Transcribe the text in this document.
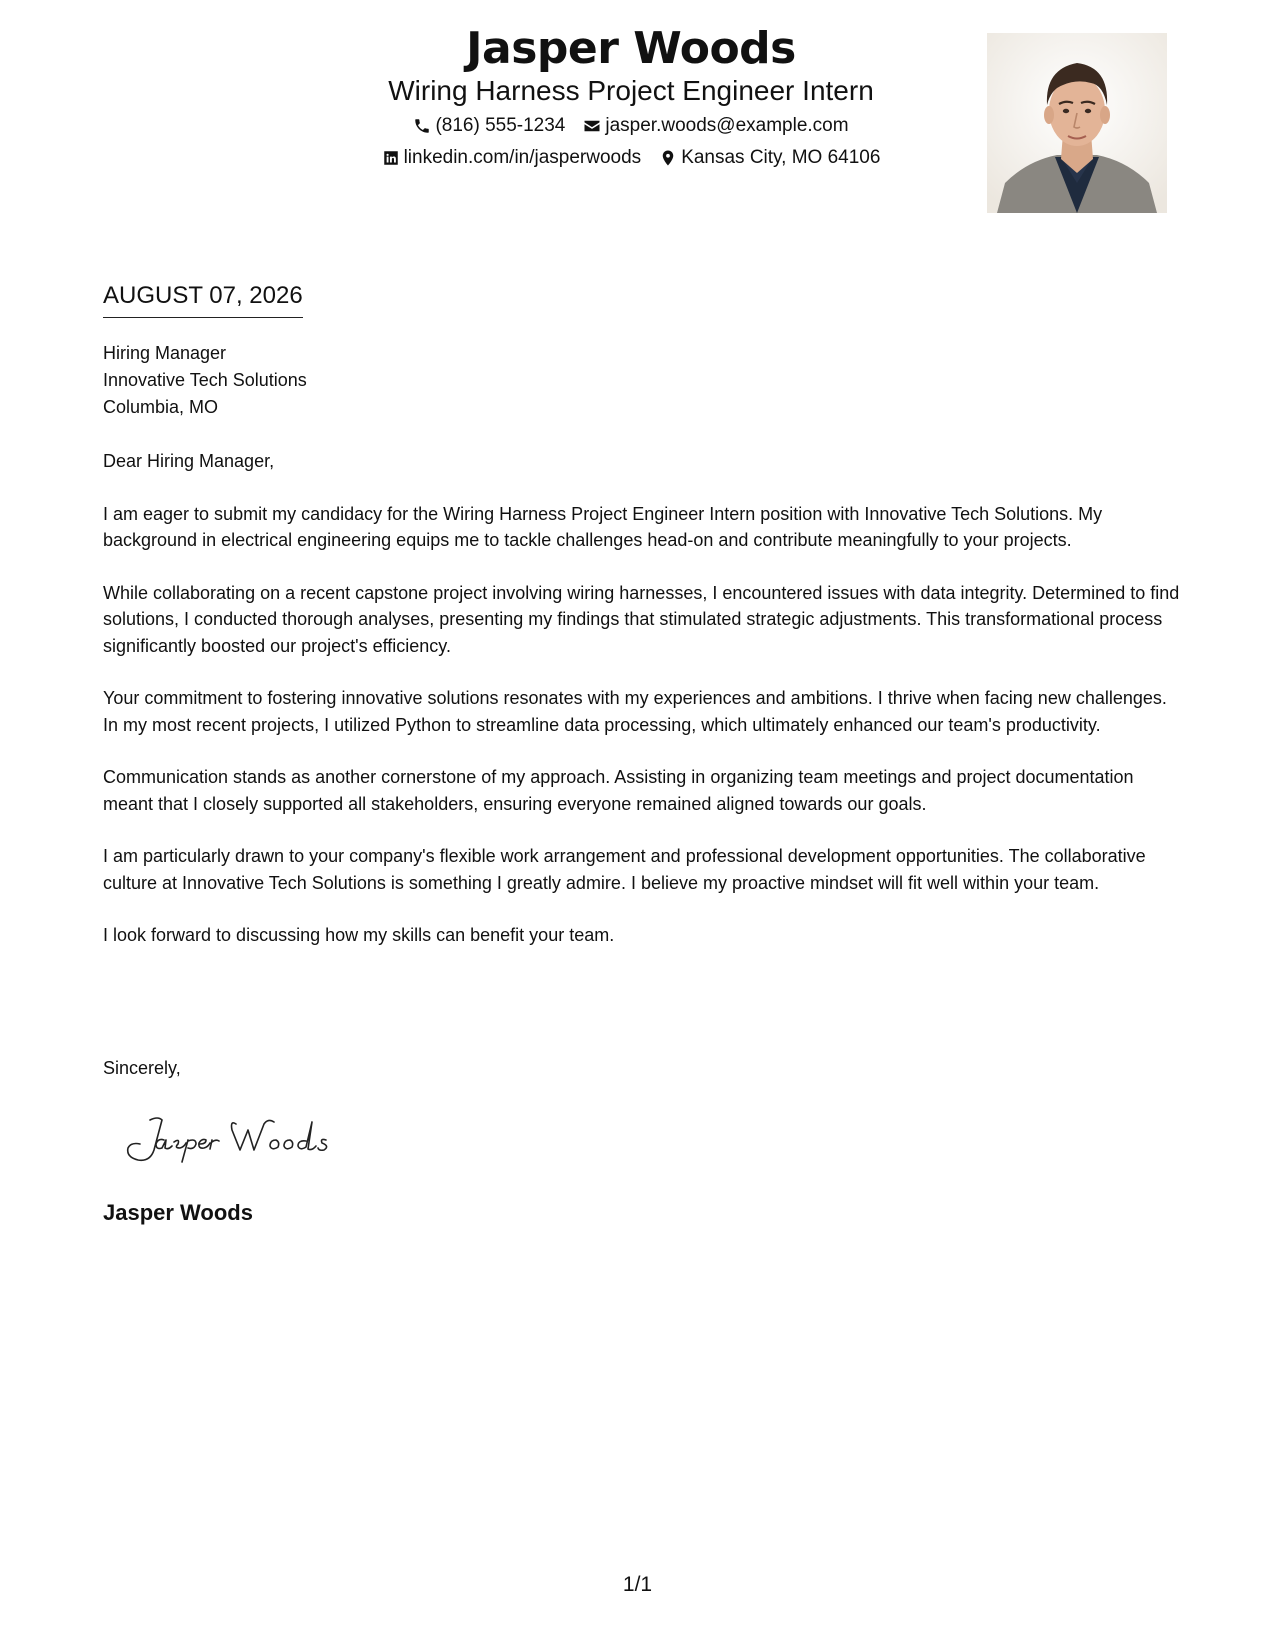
Jasper Woods
Wiring Harness Project Engineer Intern
(816) 555-1234 jasper.woods@example.com
linkedin.com/in/jasperwoods Kansas City, MO 64106
AUGUST 07, 2026
Hiring Manager
Innovative Tech Solutions
Columbia, MO

Dear Hiring Manager,

I am eager to submit my candidacy for the Wiring Harness Project Engineer Intern position with Innovative Tech Solutions. My background in electrical engineering equips me to tackle challenges head-on and contribute meaningfully to your projects.

While collaborating on a recent capstone project involving wiring harnesses, I encountered issues with data integrity. Determined to find solutions, I conducted thorough analyses, presenting my findings that stimulated strategic adjustments. This transformational process significantly boosted our project's efficiency.

Your commitment to fostering innovative solutions resonates with my experiences and ambitions. I thrive when facing new challenges. In my most recent projects, I utilized Python to streamline data processing, which ultimately enhanced our team's productivity.

Communication stands as another cornerstone of my approach. Assisting in organizing team meetings and project documentation meant that I closely supported all stakeholders, ensuring everyone remained aligned towards our goals.

I am particularly drawn to your company's flexible work arrangement and professional development opportunities. The collaborative culture at Innovative Tech Solutions is something I greatly admire. I believe my proactive mindset will fit well within your team.

I look forward to discussing how my skills can benefit your team.

Sincerely,
Jasper Woods
Jasper Woods
1/1
